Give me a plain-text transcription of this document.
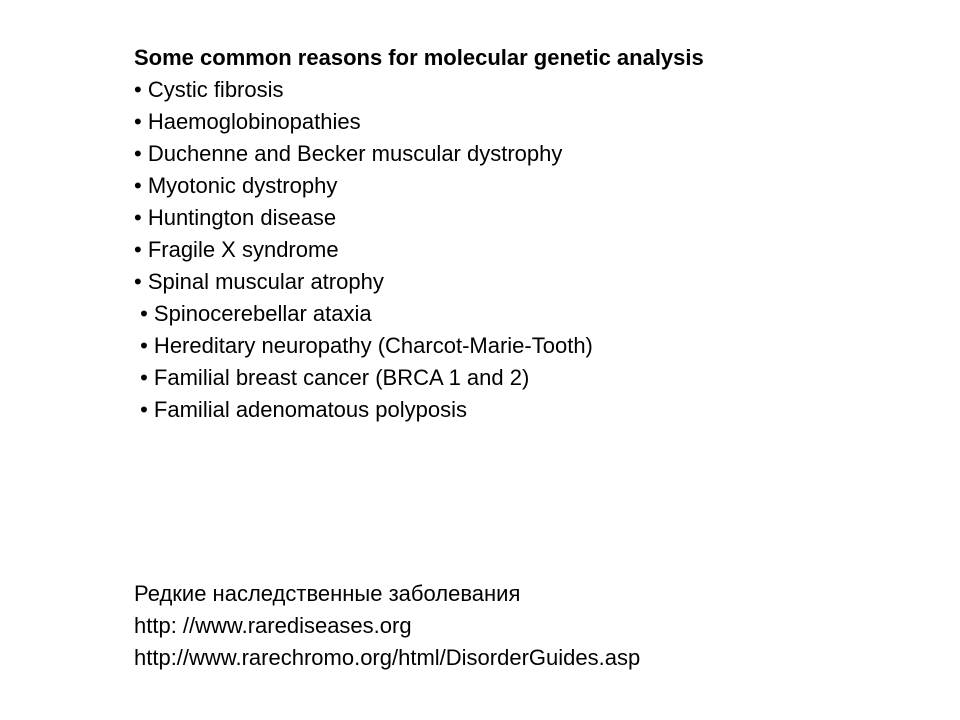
Some common reasons for molecular genetic analysis
• Cystic fibrosis
• Haemoglobinopathies
• Duchenne and Becker muscular dystrophy
• Myotonic dystrophy
• Huntington disease
• Fragile X syndrome
• Spinal muscular atrophy
• Spinocerebellar ataxia
• Hereditary neuropathy (Charcot-Marie-Tooth)
• Familial breast cancer (BRCA 1 and 2)
• Familial adenomatous polyposis
Редкие наследственные заболевания
http: //www.rarediseases.org
http://www.rarechromo.org/html/DisorderGuides.asp
